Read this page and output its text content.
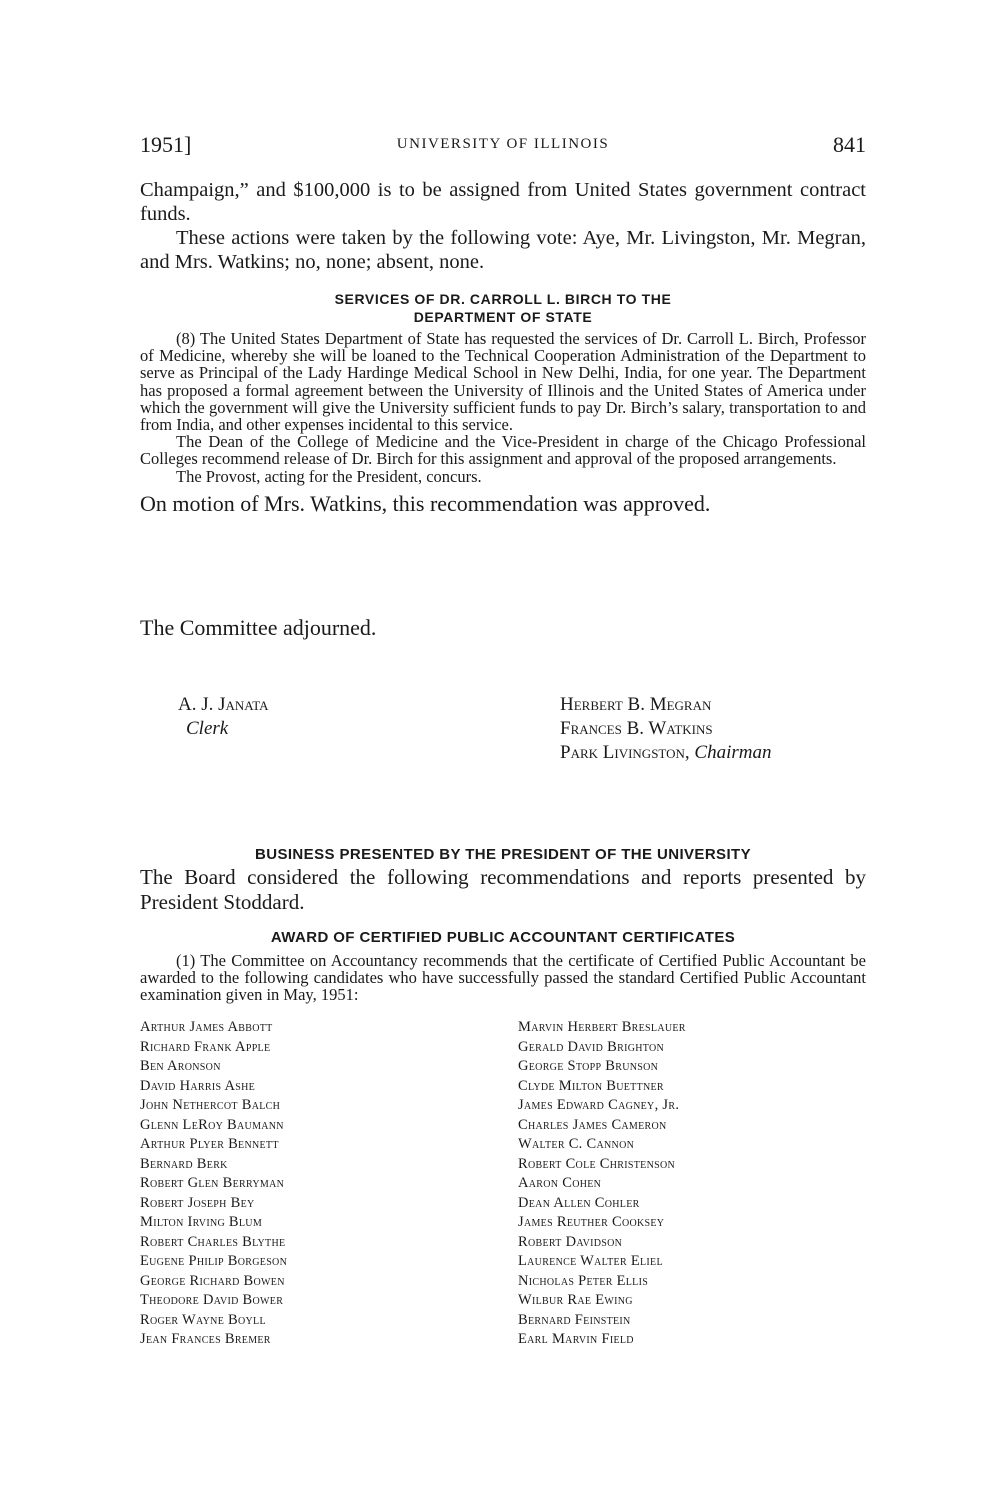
1951]	UNIVERSITY OF ILLINOIS	841

Champaign,” and $100,000 is to be assigned from United States government contract funds.

These actions were taken by the following vote: Aye, Mr. Livingston, Mr. Megran, and Mrs. Watkins; no, none; absent, none.

SERVICES OF DR. CARROLL L. BIRCH TO THE

DEPARTMENT OF STATE

(8) The United States Department of State has requested the services of Dr. Carroll L. Birch, Professor of Medicine, whereby she will be loaned to the Technical Cooperation Administration of the Department to serve as Principal of the Lady Hardinge Medical School in New Delhi, India, for one year. The Department has proposed a formal agreement between the University of Illinois and the United States of America under which the government will give the University sufficient funds to pay Dr. Birch’s salary, transportation to and from India, and other expenses incidental to this service.

The Dean of the College of Medicine and the Vice-President in charge of the Chicago Professional Colleges recommend release of Dr. Birch for this assignment and approval of the proposed arrangements.

The Provost, acting for the President, concurs.

On motion of Mrs. Watkins, this recommendation was approved.

The Committee adjourned.

A. J. Janata
Clerk
Herbert B. Megran
Frances B. Watkins
Park Livingston, Chairman

BUSINESS PRESENTED BY THE PRESIDENT OF THE UNIVERSITY

The Board considered the following recommendations and reports presented by President Stoddard.

AWARD OF CERTIFIED PUBLIC ACCOUNTANT CERTIFICATES

(1) The Committee on Accountancy recommends that the certificate of Certified Public Accountant be awarded to the following candidates who have successfully passed the standard Certified Public Accountant examination given in May, 1951:

Arthur James Abbott
Richard Frank Apple
Ben Aronson
David Harris Ashe
John Nethercot Balch
Glenn LeRoy Baumann
Arthur Plyer Bennett
Bernard Berk
Robert Glen Berryman
Robert Joseph Bey
Milton Irving Blum
Robert Charles Blythe
Eugene Philip Borgeson
George Richard Bowen
Theodore David Bower
Roger Wayne Boyll
Jean Frances Bremer
Marvin Herbert Breslauer
Gerald David Brighton
George Stopp Brunson
Clyde Milton Buettner
James Edward Cagney, Jr.
Charles James Cameron
Walter C. Cannon
Robert Cole Christenson
Aaron Cohen
Dean Allen Cohler
James Reuther Cooksey
Robert Davidson
Laurence Walter Eliel
Nicholas Peter Ellis
Wilbur Rae Ewing
Bernard Feinstein
Earl Marvin Field
